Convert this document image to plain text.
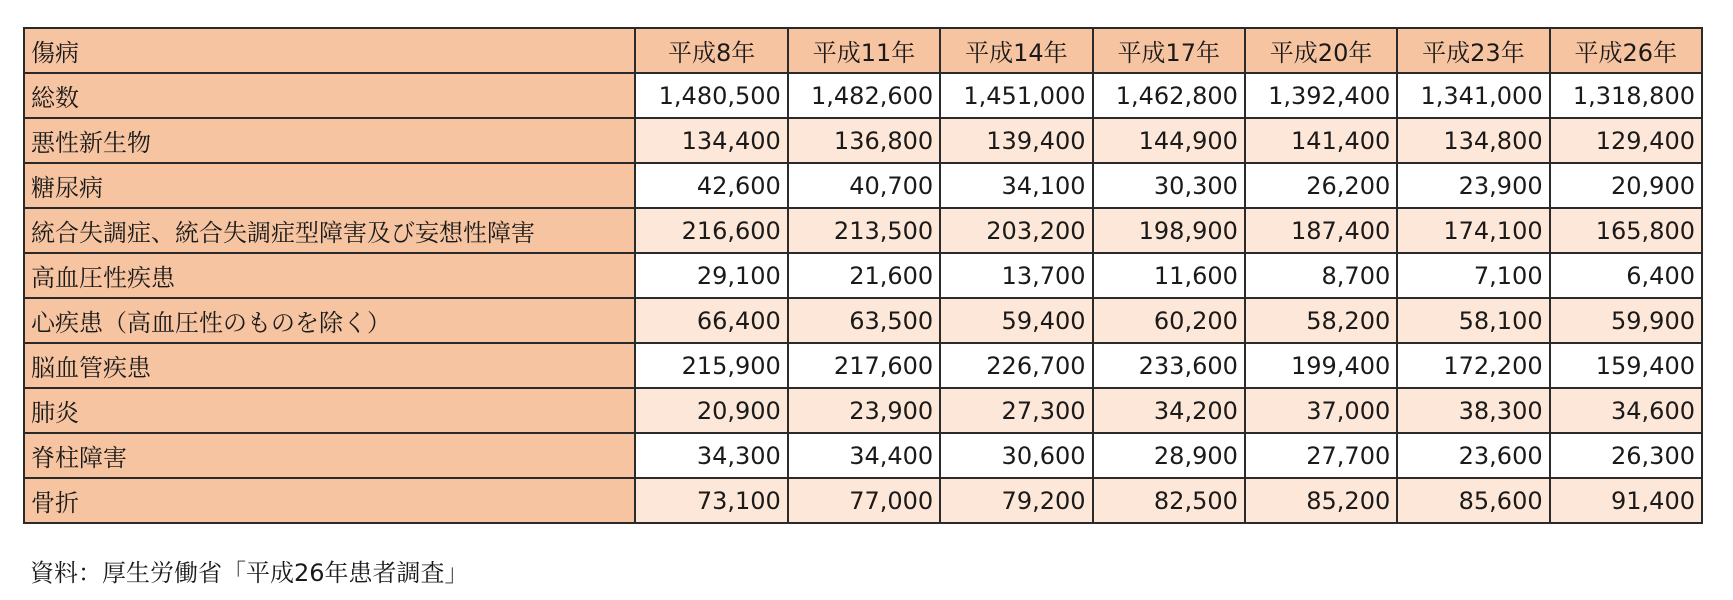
傷病	平成8年	平成11年	平成14年	平成17年	平成20年	平成23年	平成26年
総数	1,480,500	1,482,600	1,451,000	1,462,800	1,392,400	1,341,000	1,318,800
悪性新生物	134,400	136,800	139,400	144,900	141,400	134,800	129,400
糖尿病	42,600	40,700	34,100	30,300	26,200	23,900	20,900
統合失調症、統合失調症型障害及び妄想性障害	216,600	213,500	203,200	198,900	187,400	174,100	165,800
高血圧性疾患	29,100	21,600	13,700	11,600	8,700	7,100	6,400
心疾患（高血圧性のものを除く）	66,400	63,500	59,400	60,200	58,200	58,100	59,900
脳血管疾患	215,900	217,600	226,700	233,600	199,400	172,200	159,400
肺炎	20,900	23,900	27,300	34,200	37,000	38,300	34,600
脊柱障害	34,300	34,400	30,600	28,900	27,700	23,600	26,300
骨折	73,100	77,000	79,200	82,500	85,200	85,600	91,400
資料：厚生労働省「平成26年患者調査」
